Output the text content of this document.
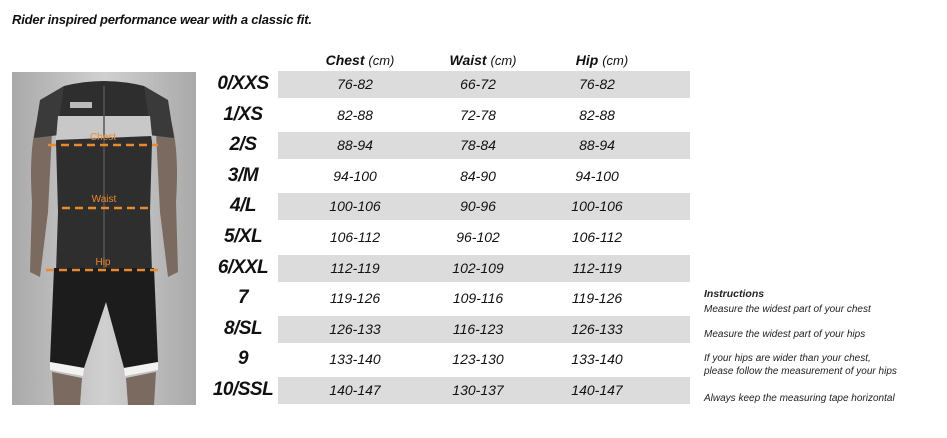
Rider inspired performance wear with a classic fit.
Chest
Waist
Hip
Chest (cm)	Waist (cm)	Hip (cm)
0/XXS	76-82	66-72	76-82
1/XS	82-88	72-78	82-88
2/S	88-94	78-84	88-94
3/M	94-100	84-90	94-100
4/L	100-106	90-96	100-106
5/XL	106-112	96-102	106-112
6/XXL	112-119	102-109	112-119
7	119-126	109-116	119-126
8/SL	126-133	116-123	126-133
9	133-140	123-130	133-140
10/SSL	140-147	130-137	140-147
Instructions
Measure the widest part of your chest
Measure the widest part of your hips
If your hips are wider than your chest,
please follow the measurement of your hips
Always keep the measuring tape horizontal
